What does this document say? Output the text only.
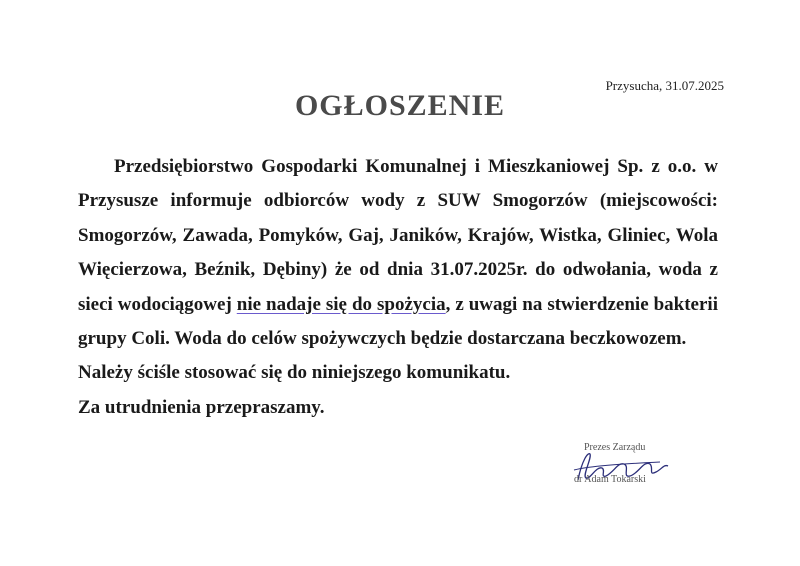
Przysucha, 31.07.2025
OGŁOSZENIE

Przedsiębiorstwo Gospodarki Komunalnej i Mieszkaniowej Sp. z o.o. w Przysusze informuje odbiorców wody z SUW Smogorzów (miejscowości: Smogorzów, Zawada, Pomyków, Gaj, Janików, Krajów, Wistka, Gliniec, Wola Więcierzowa, Beźnik, Dębiny) że od dnia 31.07.2025r. do odwołania, woda z sieci wodociągowej nie nadaje się do spożycia, z uwagi na stwierdzenie bakterii grupy Coli. Woda do celów spożywczych będzie dostarczana beczkowozem.

Należy ściśle stosować się do niniejszego komunikatu.

Za utrudnienia przepraszamy.

Prezes Zarządu
dr Adam Tokarski
